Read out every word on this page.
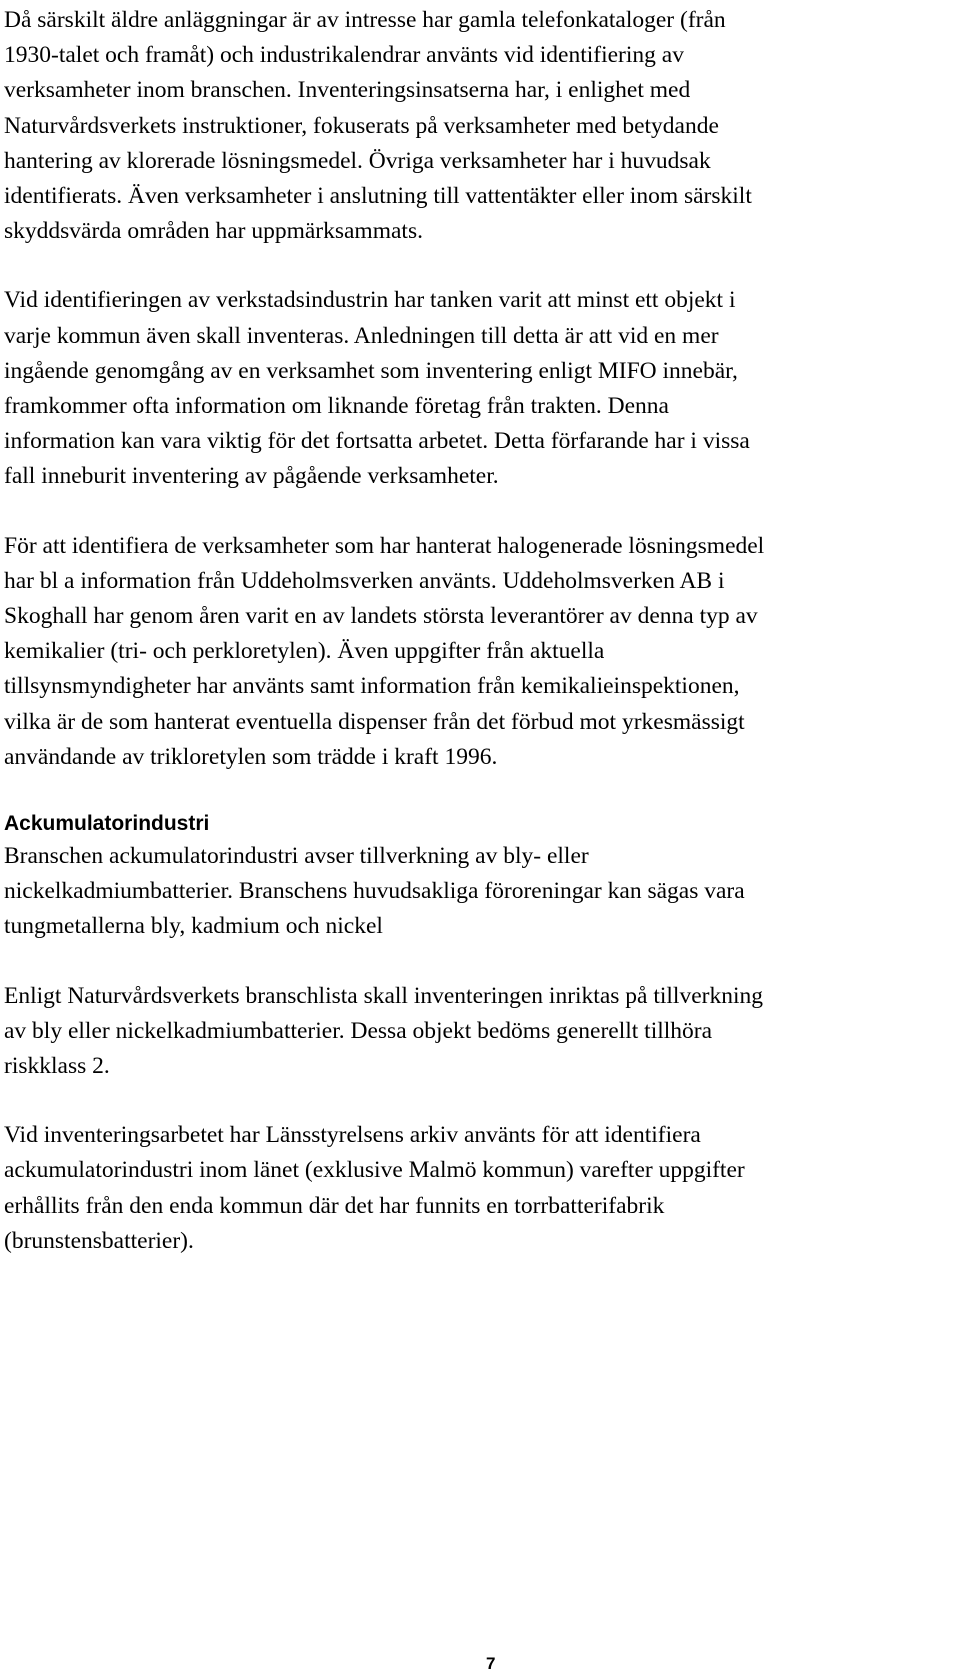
Då särskilt äldre anläggningar är av intresse har gamla telefonkataloger (från
1930-talet och framåt) och industrikalendrar använts vid identifiering av
verksamheter inom branschen. Inventeringsinsatserna har, i enlighet med
Naturvårdsverkets instruktioner, fokuserats på verksamheter med betydande
hantering av klorerade lösningsmedel. Övriga verksamheter har i huvudsak
identifierats. Även verksamheter i anslutning till vattentäkter eller inom särskilt
skyddsvärda områden har uppmärksammats.

Vid identifieringen av verkstadsindustrin har tanken varit att minst ett objekt i
varje kommun även skall inventeras. Anledningen till detta är att vid en mer
ingående genomgång av en verksamhet som inventering enligt MIFO innebär,
framkommer ofta information om liknande företag från trakten. Denna
information kan vara viktig för det fortsatta arbetet. Detta förfarande har i vissa
fall inneburit inventering av pågående verksamheter.

För att identifiera de verksamheter som har hanterat halogenerade lösningsmedel
har bl a information från Uddeholmsverken använts. Uddeholmsverken AB i
Skoghall har genom åren varit en av landets största leverantörer av denna typ av
kemikalier (tri- och perkloretylen). Även uppgifter från aktuella
tillsynsmyndigheter har använts samt information från kemikalieinspektionen,
vilka är de som hanterat eventuella dispenser från det förbud mot yrkesmässigt
användande av trikloretylen som trädde i kraft 1996.

Ackumulatorindustri

Branschen ackumulatorindustri avser tillverkning av bly- eller
nickelkadmiumbatterier. Branschens huvudsakliga föroreningar kan sägas vara
tungmetallerna bly, kadmium och nickel

Enligt Naturvårdsverkets branschlista skall inventeringen inriktas på tillverkning
av bly eller nickelkadmiumbatterier. Dessa objekt bedöms generellt tillhöra
riskklass 2.

Vid inventeringsarbetet har Länsstyrelsens arkiv använts för att identifiera
ackumulatorindustri inom länet (exklusive Malmö kommun) varefter uppgifter
erhållits från den enda kommun där det har funnits en torrbatterifabrik
(brunstensbatterier).

7
